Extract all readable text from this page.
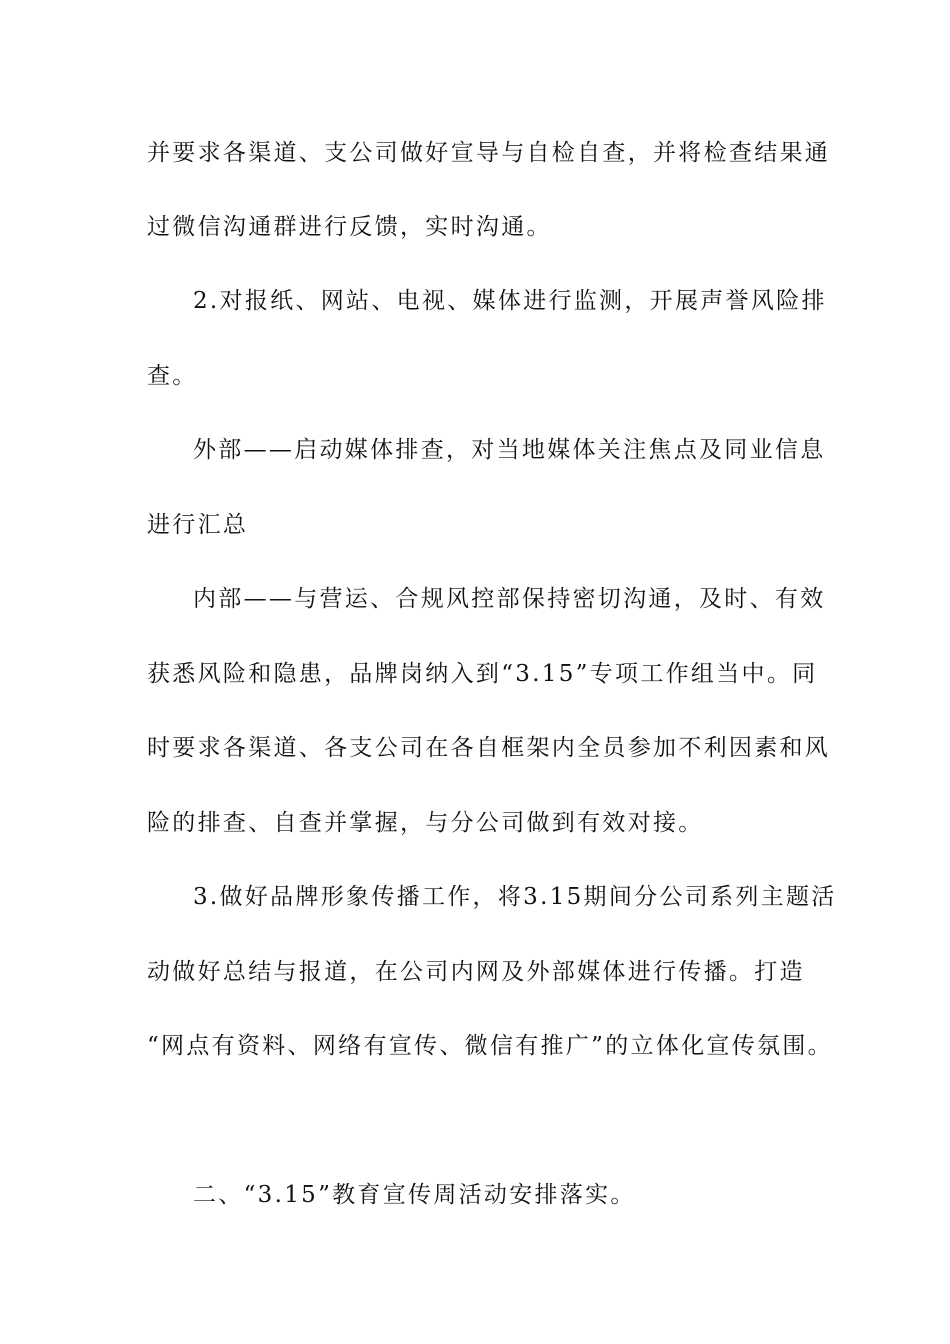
并要求各渠道、支公司做好宣导与自检自查，并将检查结果通
过微信沟通群进行反馈，实时沟通。
2.对报纸、网站、电视、媒体进行监测，开展声誉风险排
查。
外部——启动媒体排查，对当地媒体关注焦点及同业信息
进行汇总
内部——与营运、合规风控部保持密切沟通，及时、有效
获悉风险和隐患，品牌岗纳入到“3.15”专项工作组当中。同
时要求各渠道、各支公司在各自框架内全员参加不利因素和风
险的排查、自查并掌握，与分公司做到有效对接。
3.做好品牌形象传播工作，将3.15期间分公司系列主题活
动做好总结与报道，在公司内网及外部媒体进行传播。打造
“网点有资料、网络有宣传、微信有推广”的立体化宣传氛围。
二、“3.15”教育宣传周活动安排落实。
